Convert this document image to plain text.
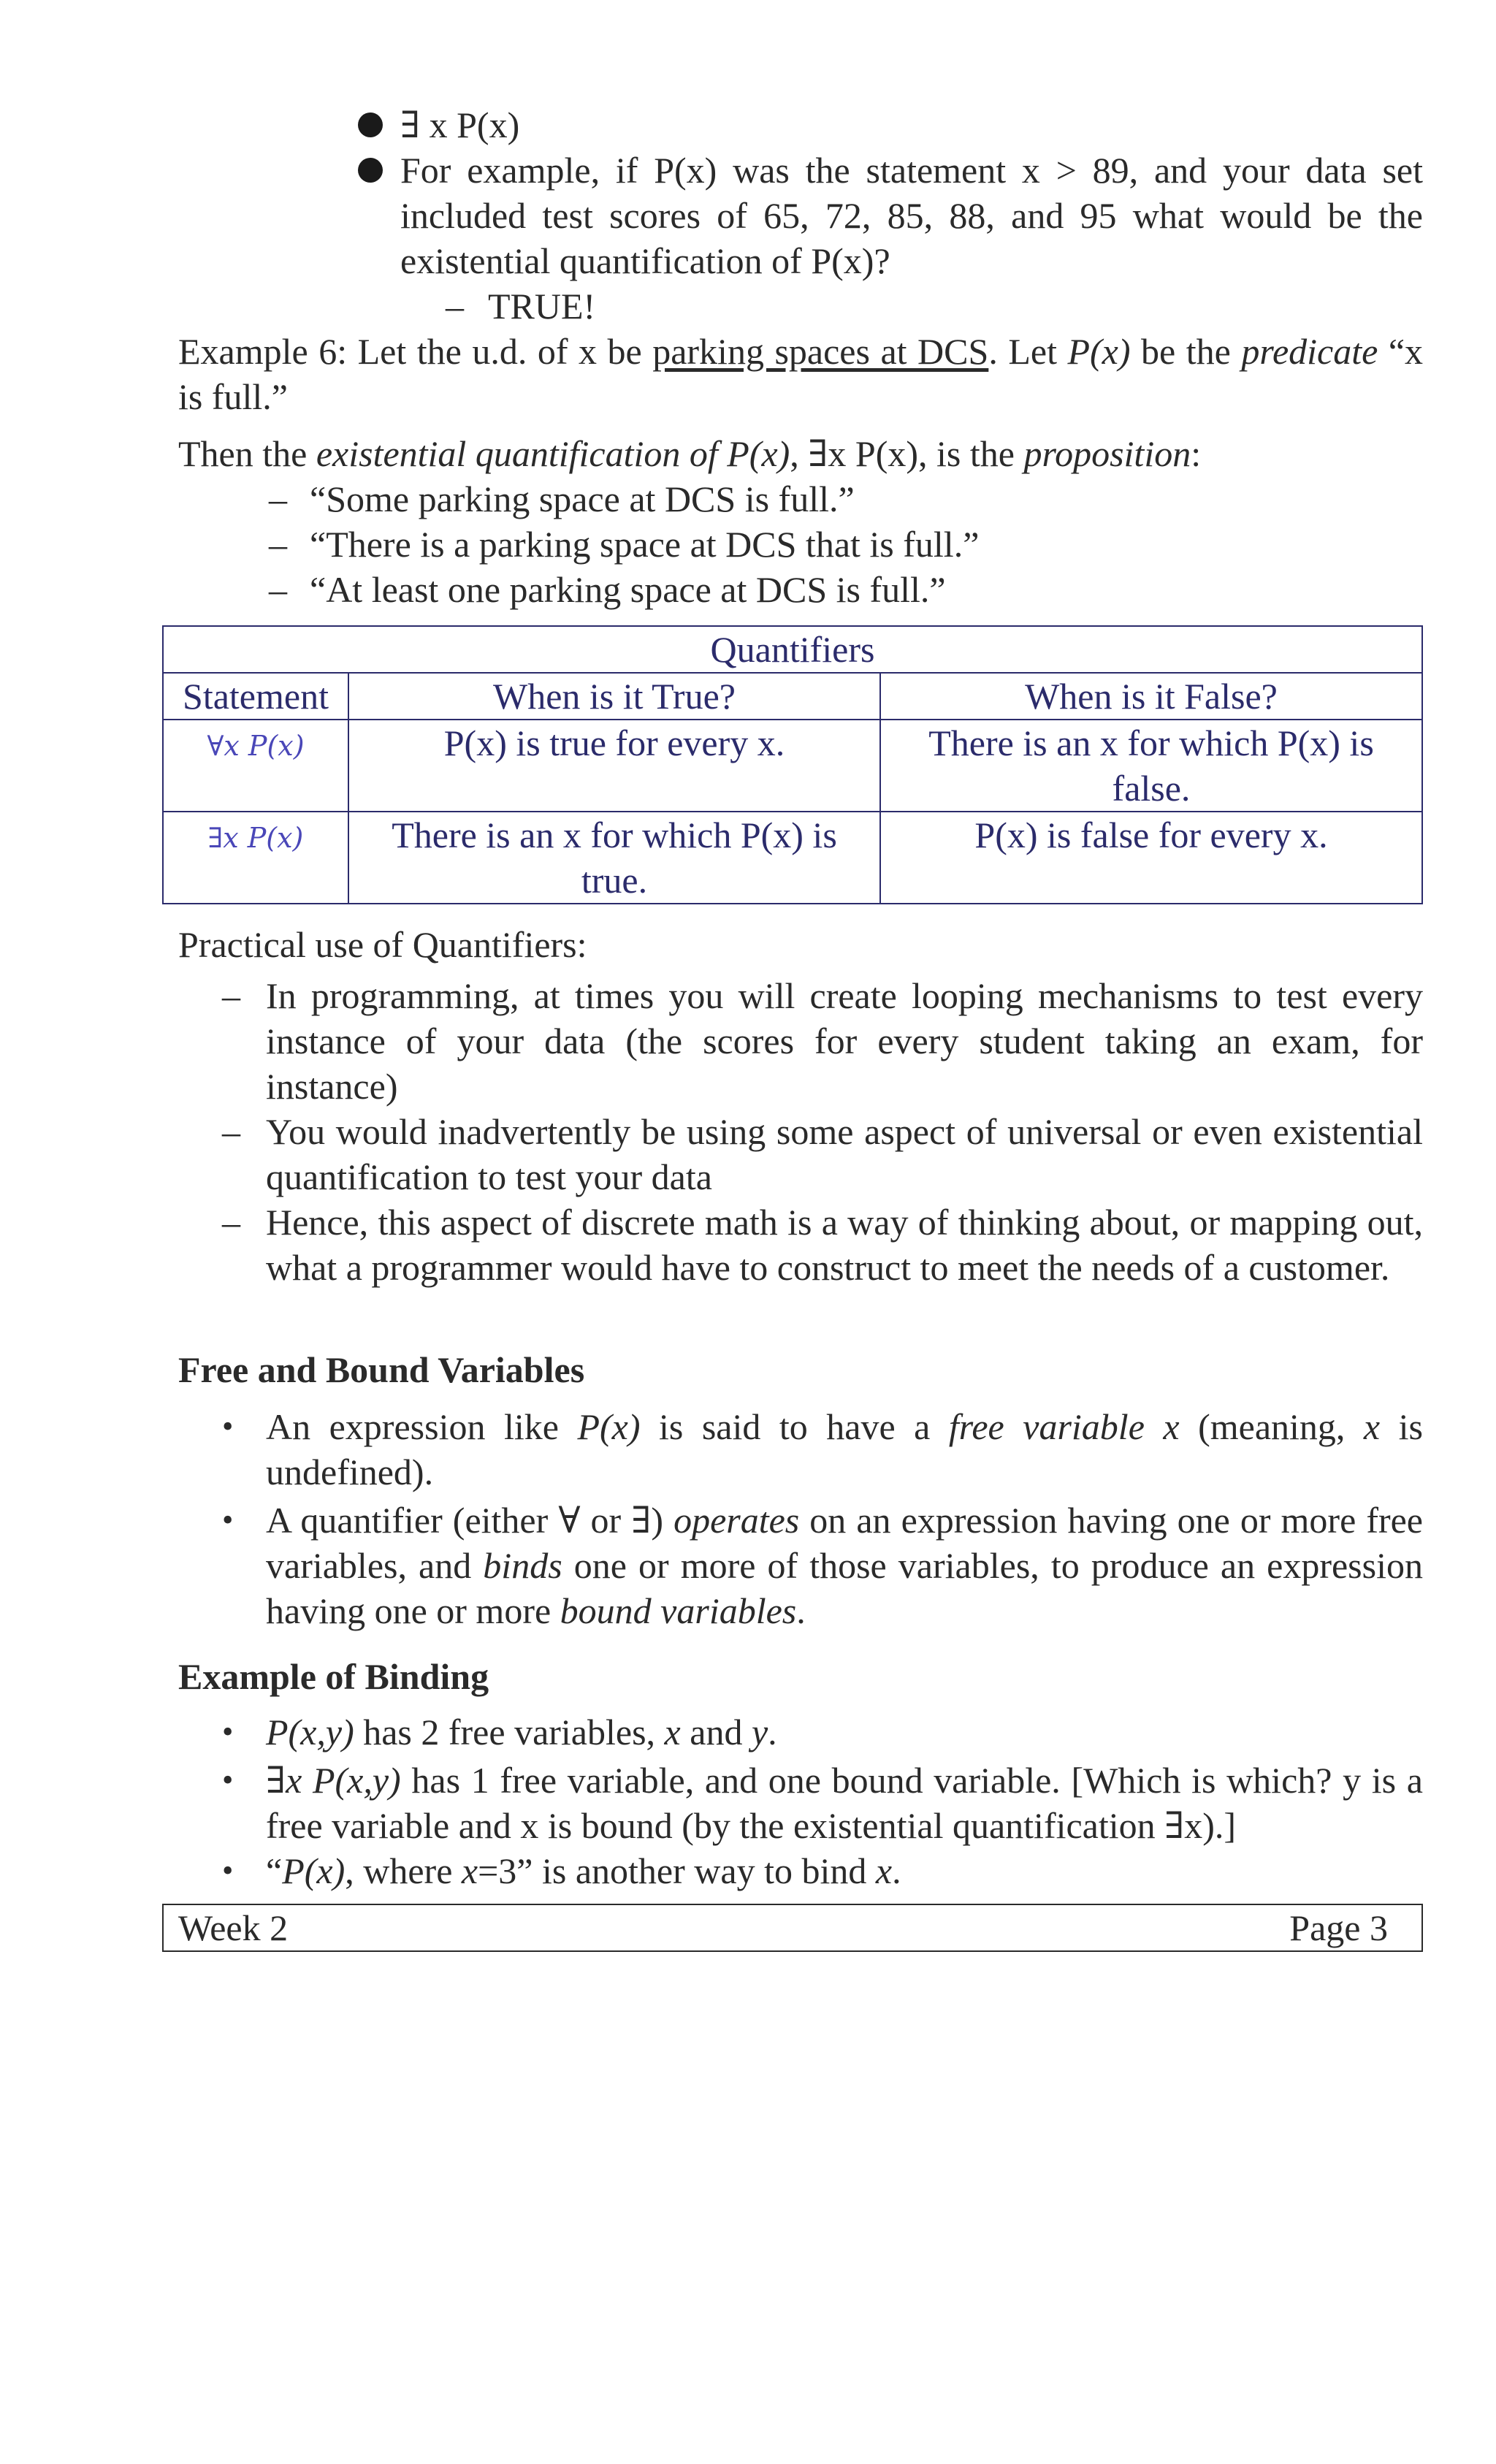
∃ x P(x)
For example, if P(x) was the statement x > 89, and your data set included test scores of 65, 72, 85, 88, and 95 what would be the existential quantification of P(x)?
– TRUE!
Example 6: Let the u.d. of x be parking spaces at DCS. Let P(x) be the predicate “x is full.”
Then the existential quantification of P(x), ∃x P(x), is the proposition:
– “Some parking space at DCS is full.”
– “There is a parking space at DCS that is full.”
– “At least one parking space at DCS is full.”
Quantifiers		
Statement	When is it True?	When is it False?
∀x P(x)	P(x) is true for every x.	There is an x for which P(x) is false.
∃x P(x)	There is an x for which P(x) is true.	P(x) is false for every x.
Practical use of Quantifiers:
– In programming, at times you will create looping mechanisms to test every instance of your data (the scores for every student taking an exam, for instance)
– You would inadvertently be using some aspect of universal or even existential quantification to test your data
– Hence, this aspect of discrete math is a way of thinking about, or mapping out, what a programmer would have to construct to meet the needs of a customer.
Free and Bound Variables
• An expression like P(x) is said to have a free variable x (meaning, x is undefined).
• A quantifier (either ∀ or ∃) operates on an expression having one or more free variables, and binds one or more of those variables, to produce an expression having one or more bound variables.
Example of Binding
• P(x,y) has 2 free variables, x and y.
• ∃x P(x,y) has 1 free variable, and one bound variable. [Which is which? y is a free variable and x is bound (by the existential quantification ∃x).]
• “P(x), where x=3” is another way to bind x.
Week 2	Page 3
